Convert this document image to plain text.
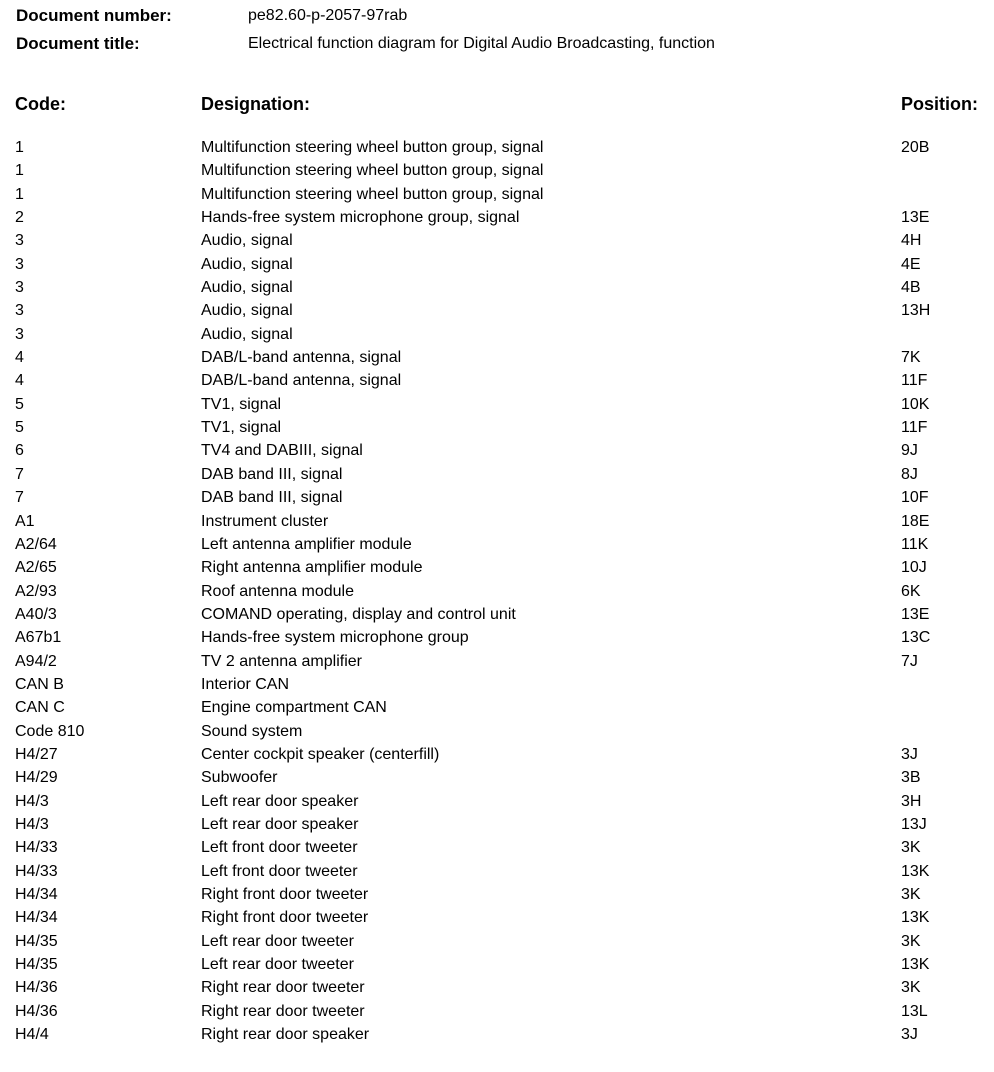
Document number:	pe82.60-p-2057-97rab
Document title:	Electrical function diagram for Digital Audio Broadcasting, function
Code:	Designation:	Position:
1	Multifunction steering wheel button group, signal	20B
1	Multifunction steering wheel button group, signal
1	Multifunction steering wheel button group, signal
2	Hands-free system microphone group, signal	13E
3	Audio, signal	4H
3	Audio, signal	4E
3	Audio, signal	4B
3	Audio, signal	13H
3	Audio, signal
4	DAB/L-band antenna, signal	7K
4	DAB/L-band antenna, signal	11F
5	TV1, signal	10K
5	TV1, signal	11F
6	TV4 and DABIII, signal	9J
7	DAB band III, signal	8J
7	DAB band III, signal	10F
A1	Instrument cluster	18E
A2/64	Left antenna amplifier module	11K
A2/65	Right antenna amplifier module	10J
A2/93	Roof antenna module	6K
A40/3	COMAND operating, display and control unit	13E
A67b1	Hands-free system microphone group	13C
A94/2	TV 2 antenna amplifier	7J
CAN B	Interior CAN
CAN C	Engine compartment CAN
Code 810	Sound system
H4/27	Center cockpit speaker (centerfill)	3J
H4/29	Subwoofer	3B
H4/3	Left rear door speaker	3H
H4/3	Left rear door speaker	13J
H4/33	Left front door tweeter	3K
H4/33	Left front door tweeter	13K
H4/34	Right front door tweeter	3K
H4/34	Right front door tweeter	13K
H4/35	Left rear door tweeter	3K
H4/35	Left rear door tweeter	13K
H4/36	Right rear door tweeter	3K
H4/36	Right rear door tweeter	13L
H4/4	Right rear door speaker	3J
